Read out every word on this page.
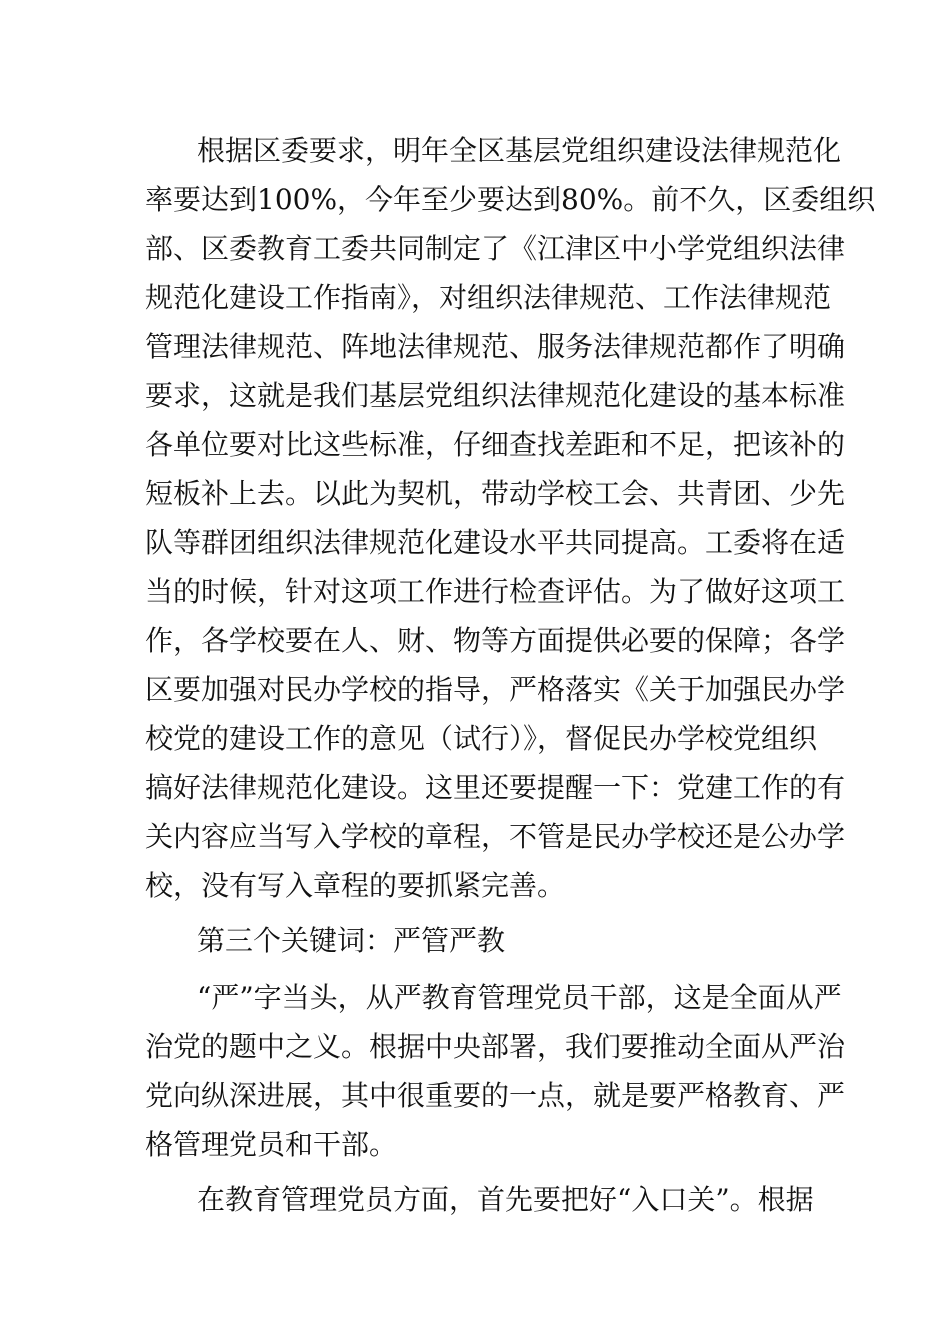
根据区委要求，明年全区基层党组织建设法律规范化
率要达到100%，今年至少要达到80%。前不久，区委组织
部、区委教育工委共同制定了《江津区中小学党组织法律
规范化建设工作指南》，对组织法律规范、工作法律规范
管理法律规范、阵地法律规范、服务法律规范都作了明确
要求，这就是我们基层党组织法律规范化建设的基本标准
各单位要对比这些标准，仔细查找差距和不足，把该补的
短板补上去。以此为契机，带动学校工会、共青团、少先
队等群团组织法律规范化建设水平共同提高。工委将在适
当的时候，针对这项工作进行检查评估。为了做好这项工
作，各学校要在人、财、物等方面提供必要的保障；各学
区要加强对民办学校的指导，严格落实《关于加强民办学
校党的建设工作的意见（试行）》，督促民办学校党组织
搞好法律规范化建设。这里还要提醒一下：党建工作的有
关内容应当写入学校的章程，不管是民办学校还是公办学
校，没有写入章程的要抓紧完善。
第三个关键词：严管严教
“严”字当头，从严教育管理党员干部，这是全面从严
治党的题中之义。根据中央部署，我们要推动全面从严治
党向纵深进展，其中很重要的一点，就是要严格教育、严
格管理党员和干部。
在教育管理党员方面，首先要把好“入口关”。根据
